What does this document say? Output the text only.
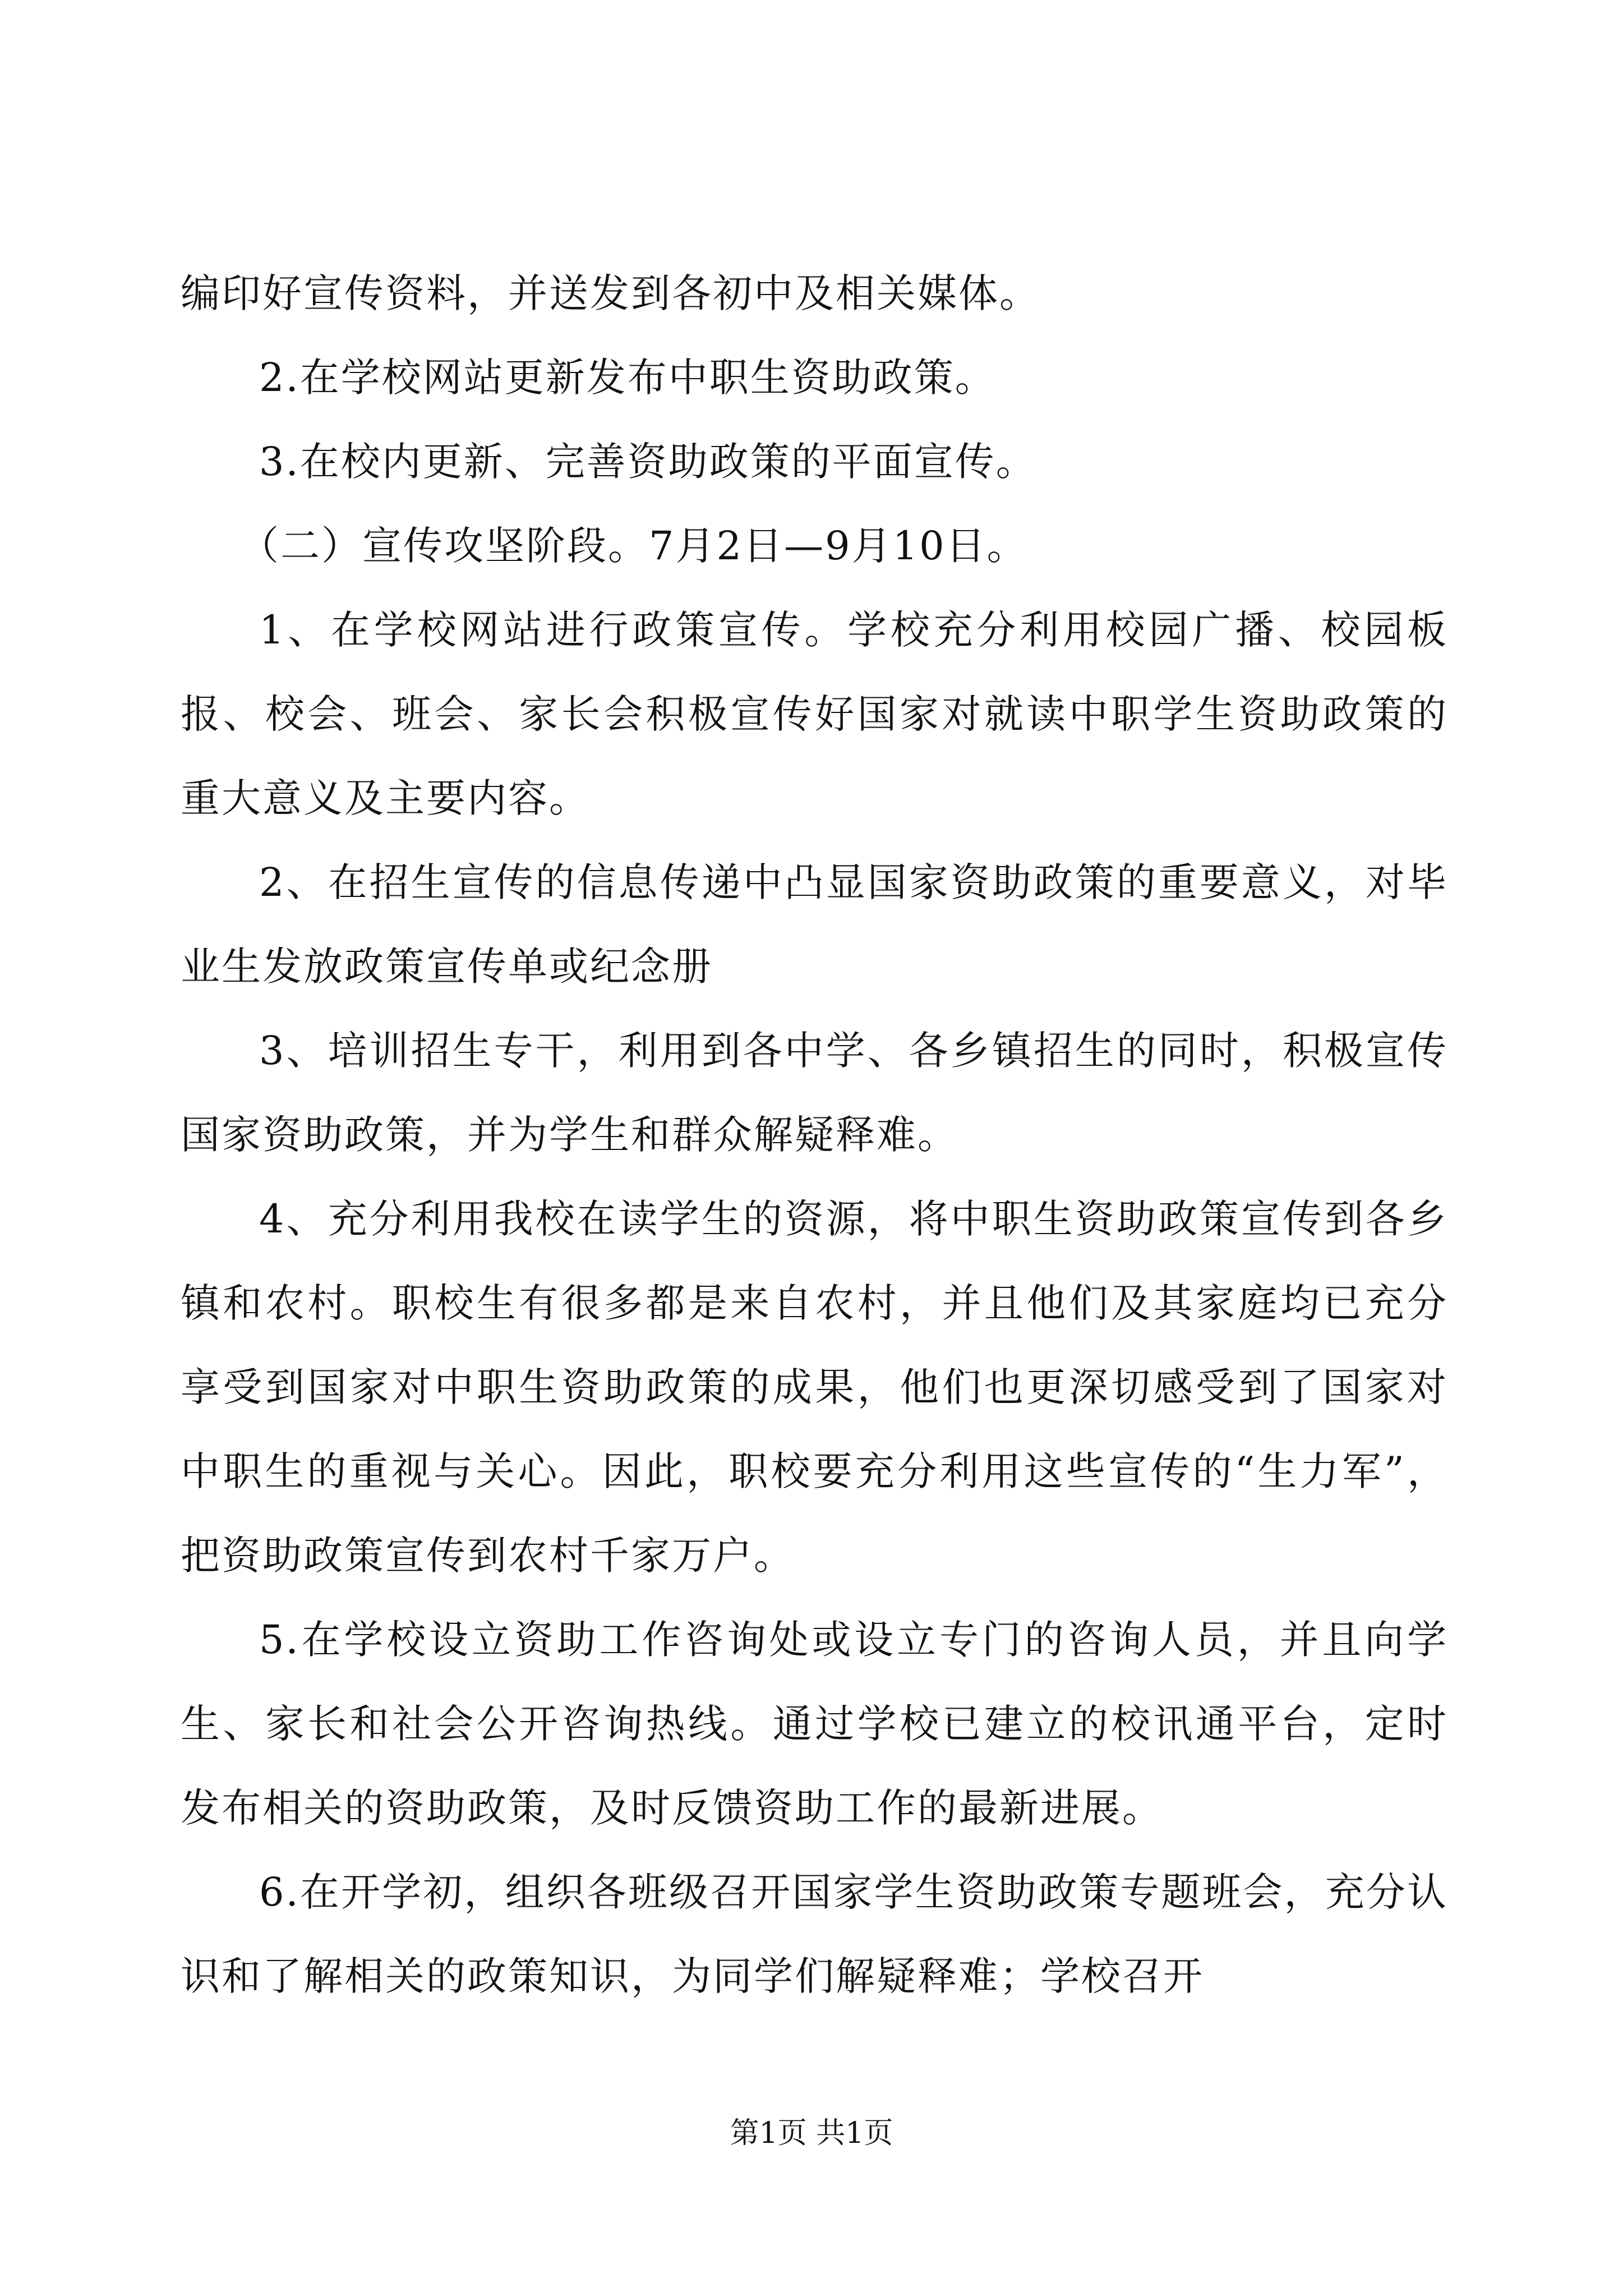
编印好宣传资料，并送发到各初中及相关媒体。

2.在学校网站更新发布中职生资助政策。

3.在校内更新、完善资助政策的平面宣传。

（二）宣传攻坚阶段。7月2日—9月10日。

1、在学校网站进行政策宣传。学校充分利用校园广播、校园板报、校会、班会、家长会积极宣传好国家对就读中职学生资助政策的重大意义及主要内容。

2、在招生宣传的信息传递中凸显国家资助政策的重要意义，对毕业生发放政策宣传单或纪念册

3、培训招生专干，利用到各中学、各乡镇招生的同时，积极宣传国家资助政策，并为学生和群众解疑释难。

4、充分利用我校在读学生的资源，将中职生资助政策宣传到各乡镇和农村。职校生有很多都是来自农村，并且他们及其家庭均已充分享受到国家对中职生资助政策的成果，他们也更深切感受到了国家对中职生的重视与关心。因此，职校要充分利用这些宣传的“生力军”，把资助政策宣传到农村千家万户。

5.在学校设立资助工作咨询处或设立专门的咨询人员，并且向学生、家长和社会公开咨询热线。通过学校已建立的校讯通平台，定时发布相关的资助政策，及时反馈资助工作的最新进展。

6.在开学初，组织各班级召开国家学生资助政策专题班会，充分认识和了解相关的政策知识，为同学们解疑释难；学校召开

第1页 共1页
